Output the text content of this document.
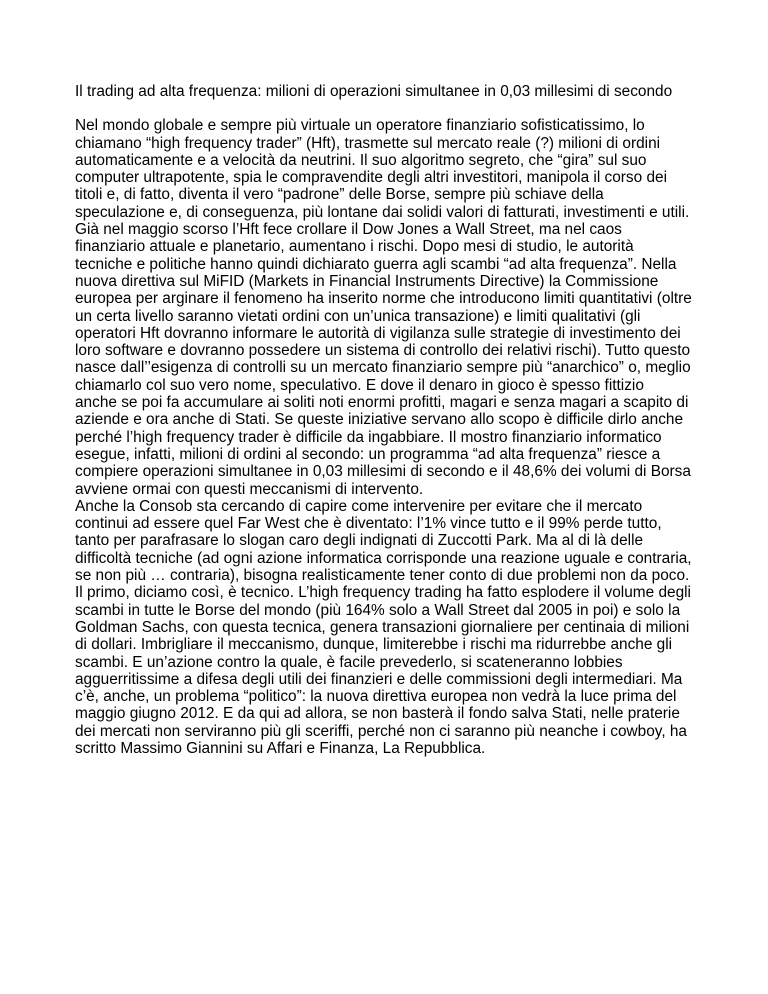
Il trading ad alta frequenza: milioni di operazioni simultanee in 0,03 millesimi di secondo
Nel mondo globale e sempre più virtuale un operatore finanziario sofisticatissimo, lo
chiamano “high frequency trader” (Hft), trasmette sul mercato reale (?) milioni di ordini
automaticamente e a velocità da neutrini. Il suo algoritmo segreto, che “gira” sul suo
computer ultrapotente, spia le compravendite degli altri investitori, manipola il corso dei
titoli e, di fatto, diventa il vero “padrone” delle Borse, sempre più schiave della
speculazione e, di conseguenza, più lontane dai solidi valori di fatturati, investimenti e utili.
Già nel maggio scorso l’Hft fece crollare il Dow Jones a Wall Street, ma nel caos
finanziario attuale e planetario, aumentano i rischi. Dopo mesi di studio, le autorità
tecniche e politiche hanno quindi dichiarato guerra agli scambi “ad alta frequenza”. Nella
nuova direttiva sul MiFID (Markets in Financial Instruments Directive) la Commissione
europea per arginare il fenomeno ha inserito norme che introducono limiti quantitativi (oltre
un certa livello saranno vietati ordini con un’unica transazione) e limiti qualitativi (gli
operatori Hft dovranno informare le autorità di vigilanza sulle strategie di investimento dei
loro software e dovranno possedere un sistema di controllo dei relativi rischi). Tutto questo
nasce dall’’esigenza di controlli su un mercato finanziario sempre più “anarchico” o, meglio
chiamarlo col suo vero nome, speculativo. E dove il denaro in gioco è spesso fittizio
anche se poi fa accumulare ai soliti noti enormi profitti, magari e senza magari a scapito di
aziende e ora anche di Stati. Se queste iniziative servano allo scopo è difficile dirlo anche
perché l’high frequency trader è difficile da ingabbiare. Il mostro finanziario informatico
esegue, infatti, milioni di ordini al secondo: un programma “ad alta frequenza” riesce a
compiere operazioni simultanee in 0,03 millesimi di secondo e il 48,6% dei volumi di Borsa
avviene ormai con questi meccanismi di intervento.
Anche la Consob sta cercando di capire come intervenire per evitare che il mercato
continui ad essere quel Far West che è diventato: l’1% vince tutto e il 99% perde tutto,
tanto per parafrasare lo slogan caro degli indignati di Zuccotti Park. Ma al di là delle
difficoltà tecniche (ad ogni azione informatica corrisponde una reazione uguale e contraria,
se non più … contraria), bisogna realisticamente tener conto di due problemi non da poco.
Il primo, diciamo così, è tecnico. L’high frequency trading ha fatto esplodere il volume degli
scambi in tutte le Borse del mondo (più 164% solo a Wall Street dal 2005 in poi) e solo la
Goldman Sachs, con questa tecnica, genera transazioni giornaliere per centinaia di milioni
di dollari. Imbrigliare il meccanismo, dunque, limiterebbe i rischi ma ridurrebbe anche gli
scambi. E un’azione contro la quale, è facile prevederlo, si scateneranno lobbies
agguerritissime a difesa degli utili dei finanzieri e delle commissioni degli intermediari. Ma
c’è, anche, un problema “politico”: la nuova direttiva europea non vedrà la luce prima del
maggio giugno 2012. E da qui ad allora, se non basterà il fondo salva Stati, nelle praterie
dei mercati non serviranno più gli sceriffi, perché non ci saranno più neanche i cowboy, ha
scritto Massimo Giannini su Affari e Finanza, La Repubblica.
